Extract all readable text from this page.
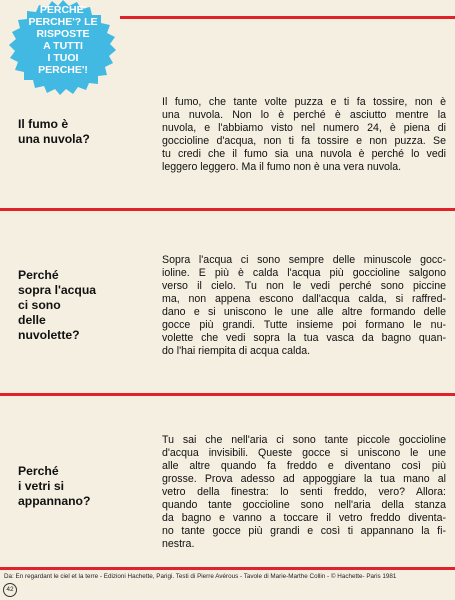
PERCHE'
PERCHE'? LE
RISPOSTE
A TUTTI
I TUOI
PERCHE'!
Il fumo è
una nuvola?
Il fumo, che tante volte puzza e ti fa tossire, non è
una nuvola. Non lo è perché è asciutto mentre la
nuvola, e l'abbiamo visto nel numero 24, è piena di
goccioline d'acqua, non ti fa tossire e non puzza. Se
tu credi che il fumo sia una nuvola è perché lo vedi
leggero leggero. Ma il fumo non è una vera nuvola.
Perché
sopra l'acqua
ci sono
delle
nuvolette?
Sopra l'acqua ci sono sempre delle minuscole gocc-
ioline. E più è calda l'acqua più goccioline salgono
verso il cielo. Tu non le vedi perché sono piccine
ma, non appena escono dall'acqua calda, si raffred-
dano e si uniscono le une alle altre formando delle
gocce più grandi. Tutte insieme poi formano le nu-
volette che vedi sopra la tua vasca da bagno quan-
do l'hai riempita di acqua calda.
Perché
i vetri si
appannano?
Tu sai che nell'aria ci sono tante piccole goccioline
d'acqua invisibili. Queste gocce si uniscono le une
alle altre quando fa freddo e diventano così più
grosse. Prova adesso ad appoggiare la tua mano al
vetro della finestra: lo senti freddo, vero? Allora:
quando tante goccioline sono nell'aria della stanza
da bagno e vanno a toccare il vetro freddo diventa-
no tante gocce più grandi e così ti appannano la fi-
nestra.
Da: En regardant le ciel et la terre - Edizioni Hachette, Parigi. Testi di Pierre Avérous - Tavole di Marie-Marthe Collin - © Hachette- Paris 1981
42
